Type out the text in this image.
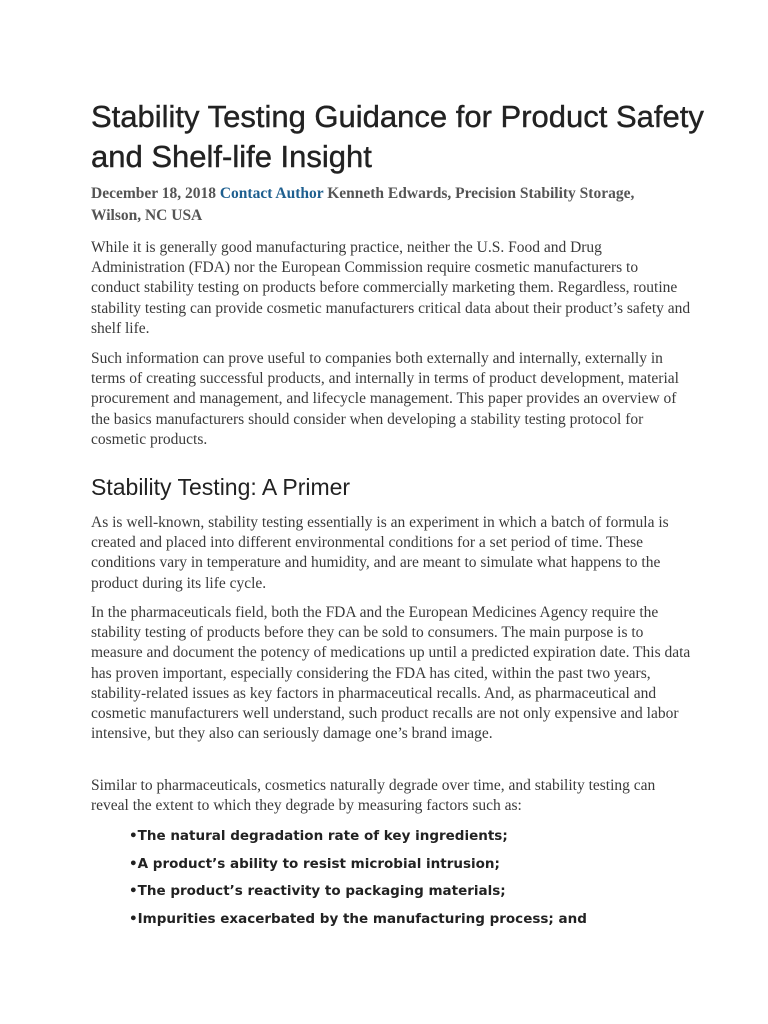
Stability Testing Guidance for Product Safety and Shelf-life Insight

December 18, 2018 Contact Author Kenneth Edwards, Precision Stability Storage, Wilson, NC USA

While it is generally good manufacturing practice, neither the U.S. Food and Drug Administration (FDA) nor the European Commission require cosmetic manufacturers to conduct stability testing on products before commercially marketing them. Regardless, routine stability testing can provide cosmetic manufacturers critical data about their product’s safety and shelf life.

Such information can prove useful to companies both externally and internally, externally in terms of creating successful products, and internally in terms of product development, material procurement and management, and lifecycle management. This paper provides an overview of the basics manufacturers should consider when developing a stability testing protocol for cosmetic products.

Stability Testing: A Primer

As is well-known, stability testing essentially is an experiment in which a batch of formula is created and placed into different environmental conditions for a set period of time. These conditions vary in temperature and humidity, and are meant to simulate what happens to the product during its life cycle.

In the pharmaceuticals field, both the FDA and the European Medicines Agency require the stability testing of products before they can be sold to consumers. The main purpose is to measure and document the potency of medications up until a predicted expiration date. This data has proven important, especially considering the FDA has cited, within the past two years, stability-related issues as key factors in pharmaceutical recalls. And, as pharmaceutical and cosmetic manufacturers well understand, such product recalls are not only expensive and labor intensive, but they also can seriously damage one’s brand image.

Similar to pharmaceuticals, cosmetics naturally degrade over time, and stability testing can reveal the extent to which they degrade by measuring factors such as:

•The natural degradation rate of key ingredients;
•A product’s ability to resist microbial intrusion;
•The product’s reactivity to packaging materials;
•Impurities exacerbated by the manufacturing process; and
